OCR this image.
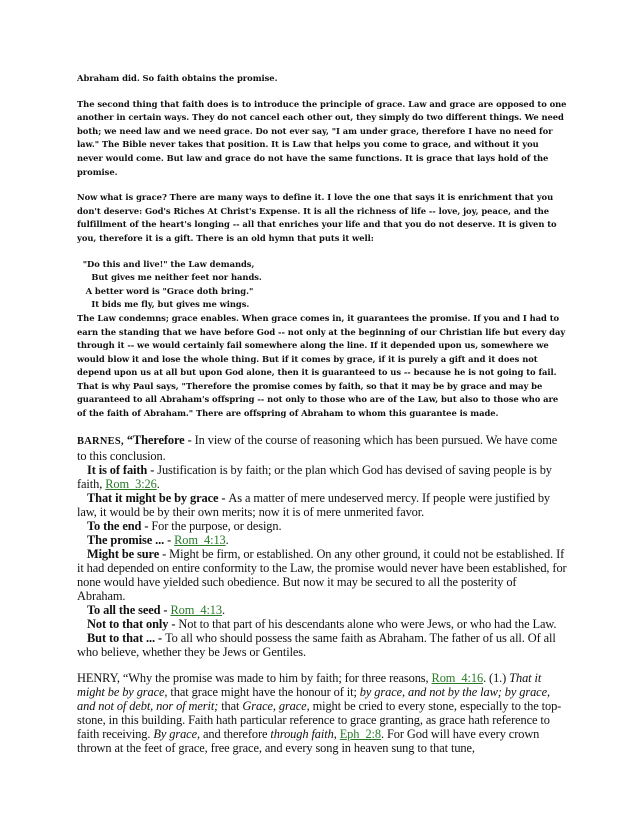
Abraham did. So faith obtains the promise.

The second thing that faith does is to introduce the principle of grace. Law and grace are opposed to one another in certain ways. They do not cancel each other out, they simply do two different things. We need both; we need law and we need grace. Do not ever say, "I am under grace, therefore I have no need for law." The Bible never takes that position. It is Law that helps you come to grace, and without it you never would come. But law and grace do not have the same functions. It is grace that lays hold of the promise.

Now what is grace? There are many ways to define it. I love the one that says it is enrichment that you don't deserve: God's Riches At Christ's Expense. It is all the richness of life -- love, joy, peace, and the fulfillment of the heart's longing -- all that enriches your life and that you do not deserve. It is given to you, therefore it is a gift. There is an old hymn that puts it well:

"Do this and live!" the Law demands,
But gives me neither feet nor hands.
A better word is "Grace doth bring."
It bids me fly, but gives me wings.

The Law condemns; grace enables. When grace comes in, it guarantees the promise. If you and I had to earn the standing that we have before God -- not only at the beginning of our Christian life but every day through it -- we would certainly fail somewhere along the line. If it depended upon us, somewhere we would blow it and lose the whole thing. But if it comes by grace, if it is purely a gift and it does not depend upon us at all but upon God alone, then it is guaranteed to us -- because he is not going to fail. That is why Paul says, "Therefore the promise comes by faith, so that it may be by grace and may be guaranteed to all Abraham's offspring -- not only to those who are of the Law, but also to those who are of the faith of Abraham." There are offspring of Abraham to whom this guarantee is made.

BARNES, “Therefore - In view of the course of reasoning which has been pursued. We have come to this conclusion.

It is of faith - Justification is by faith; or the plan which God has devised of saving people is by faith, Rom_3:26.

That it might be by grace - As a matter of mere undeserved mercy. If people were justified by law, it would be by their own merits; now it is of mere unmerited favor.

To the end - For the purpose, or design.

The promise ... - Rom_4:13.

Might be sure - Might be firm, or established. On any other ground, it could not be established. If it had depended on entire conformity to the Law, the promise would never have been established, for none would have yielded such obedience. But now it may be secured to all the posterity of Abraham.

To all the seed - Rom_4:13.

Not to that only - Not to that part of his descendants alone who were Jews, or who had the Law.

But to that ... - To all who should possess the same faith as Abraham. The father of us all. Of all who believe, whether they be Jews or Gentiles.

HENRY, “Why the promise was made to him by faith; for three reasons, Rom_4:16. (1.) That it might be by grace, that grace might have the honour of it; by grace, and not by the law; by grace, and not of debt, nor of merit; that Grace, grace, might be cried to every stone, especially to the top-stone, in this building. Faith hath particular reference to grace granting, as grace hath reference to faith receiving. By grace, and therefore through faith, Eph_2:8. For God will have every crown thrown at the feet of grace, free grace, and every song in heaven sung to that tune,
